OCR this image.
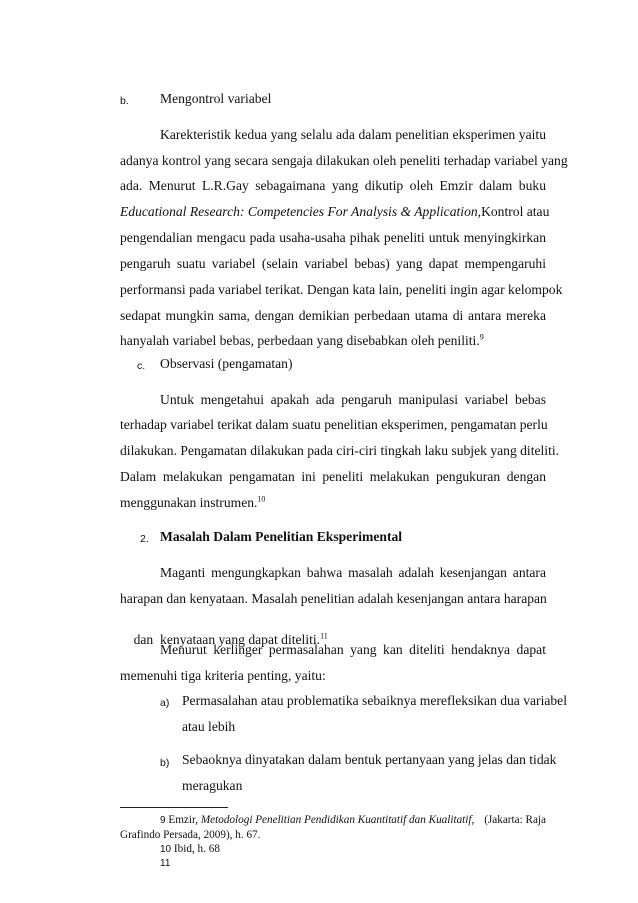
b. Mengontrol variabel
Karekteristik kedua yang selalu ada dalam penelitian eksperimen yaitu
adanya kontrol yang secara sengaja dilakukan oleh peneliti terhadap variabel yang
ada. Menurut L.R.Gay sebagaimana yang dikutip oleh Emzir dalam buku
Educational Research: Competencies For Analysis & Application, Kontrol atau
pengendalian mengacu pada usaha-usaha pihak peneliti untuk menyingkirkan
pengaruh suatu variabel (selain variabel bebas) yang dapat mempengaruhi
performansi pada variabel terikat. Dengan kata lain, peneliti ingin agar kelompok
sedapat mungkin sama, dengan demikian perbedaan utama di antara mereka
hanyalah variabel bebas, perbedaan yang disebabkan oleh peniliti.$^9$
c. Observasi (pengamatan)
Untuk mengetahui apakah ada pengaruh manipulasi variabel bebas
terhadap variabel terikat dalam suatu penelitian eksperimen, pengamatan perlu
dilakukan. Pengamatan dilakukan pada ciri-ciri tingkah laku subjek yang diteliti.
Dalam melakukan pengamatan ini peneliti melakukan pengukuran dengan
menggunakan instrumen.$^{10}$
2. Masalah Dalam Penelitian Eksperimental
Maganti mengungkapkan bahwa masalah adalah kesenjangan antara
harapan dan kenyataan. Masalah penelitian adalah kesenjangan antara harapan

dan  kenyataan yang dapat diteliti.$^{11}$

Menurut kerlinger permasalahan yang kan diteliti hendaknya dapat
memenuhi tiga kriteria penting, yaitu:
a) Permasalahan atau problematika sebaiknya merefleksikan dua variabel
atau lebih
b) Sebaoknya dinyatakan dalam bentuk pertanyaan yang jelas dan tidak
meragukan
9 Emzir, Metodologi Penelitian Pendidikan Kuantitatif dan Kualitatif, (Jakarta: Raja
Grafindo Persada, 2009), h. 67.
10 Ibid, h. 68
11
